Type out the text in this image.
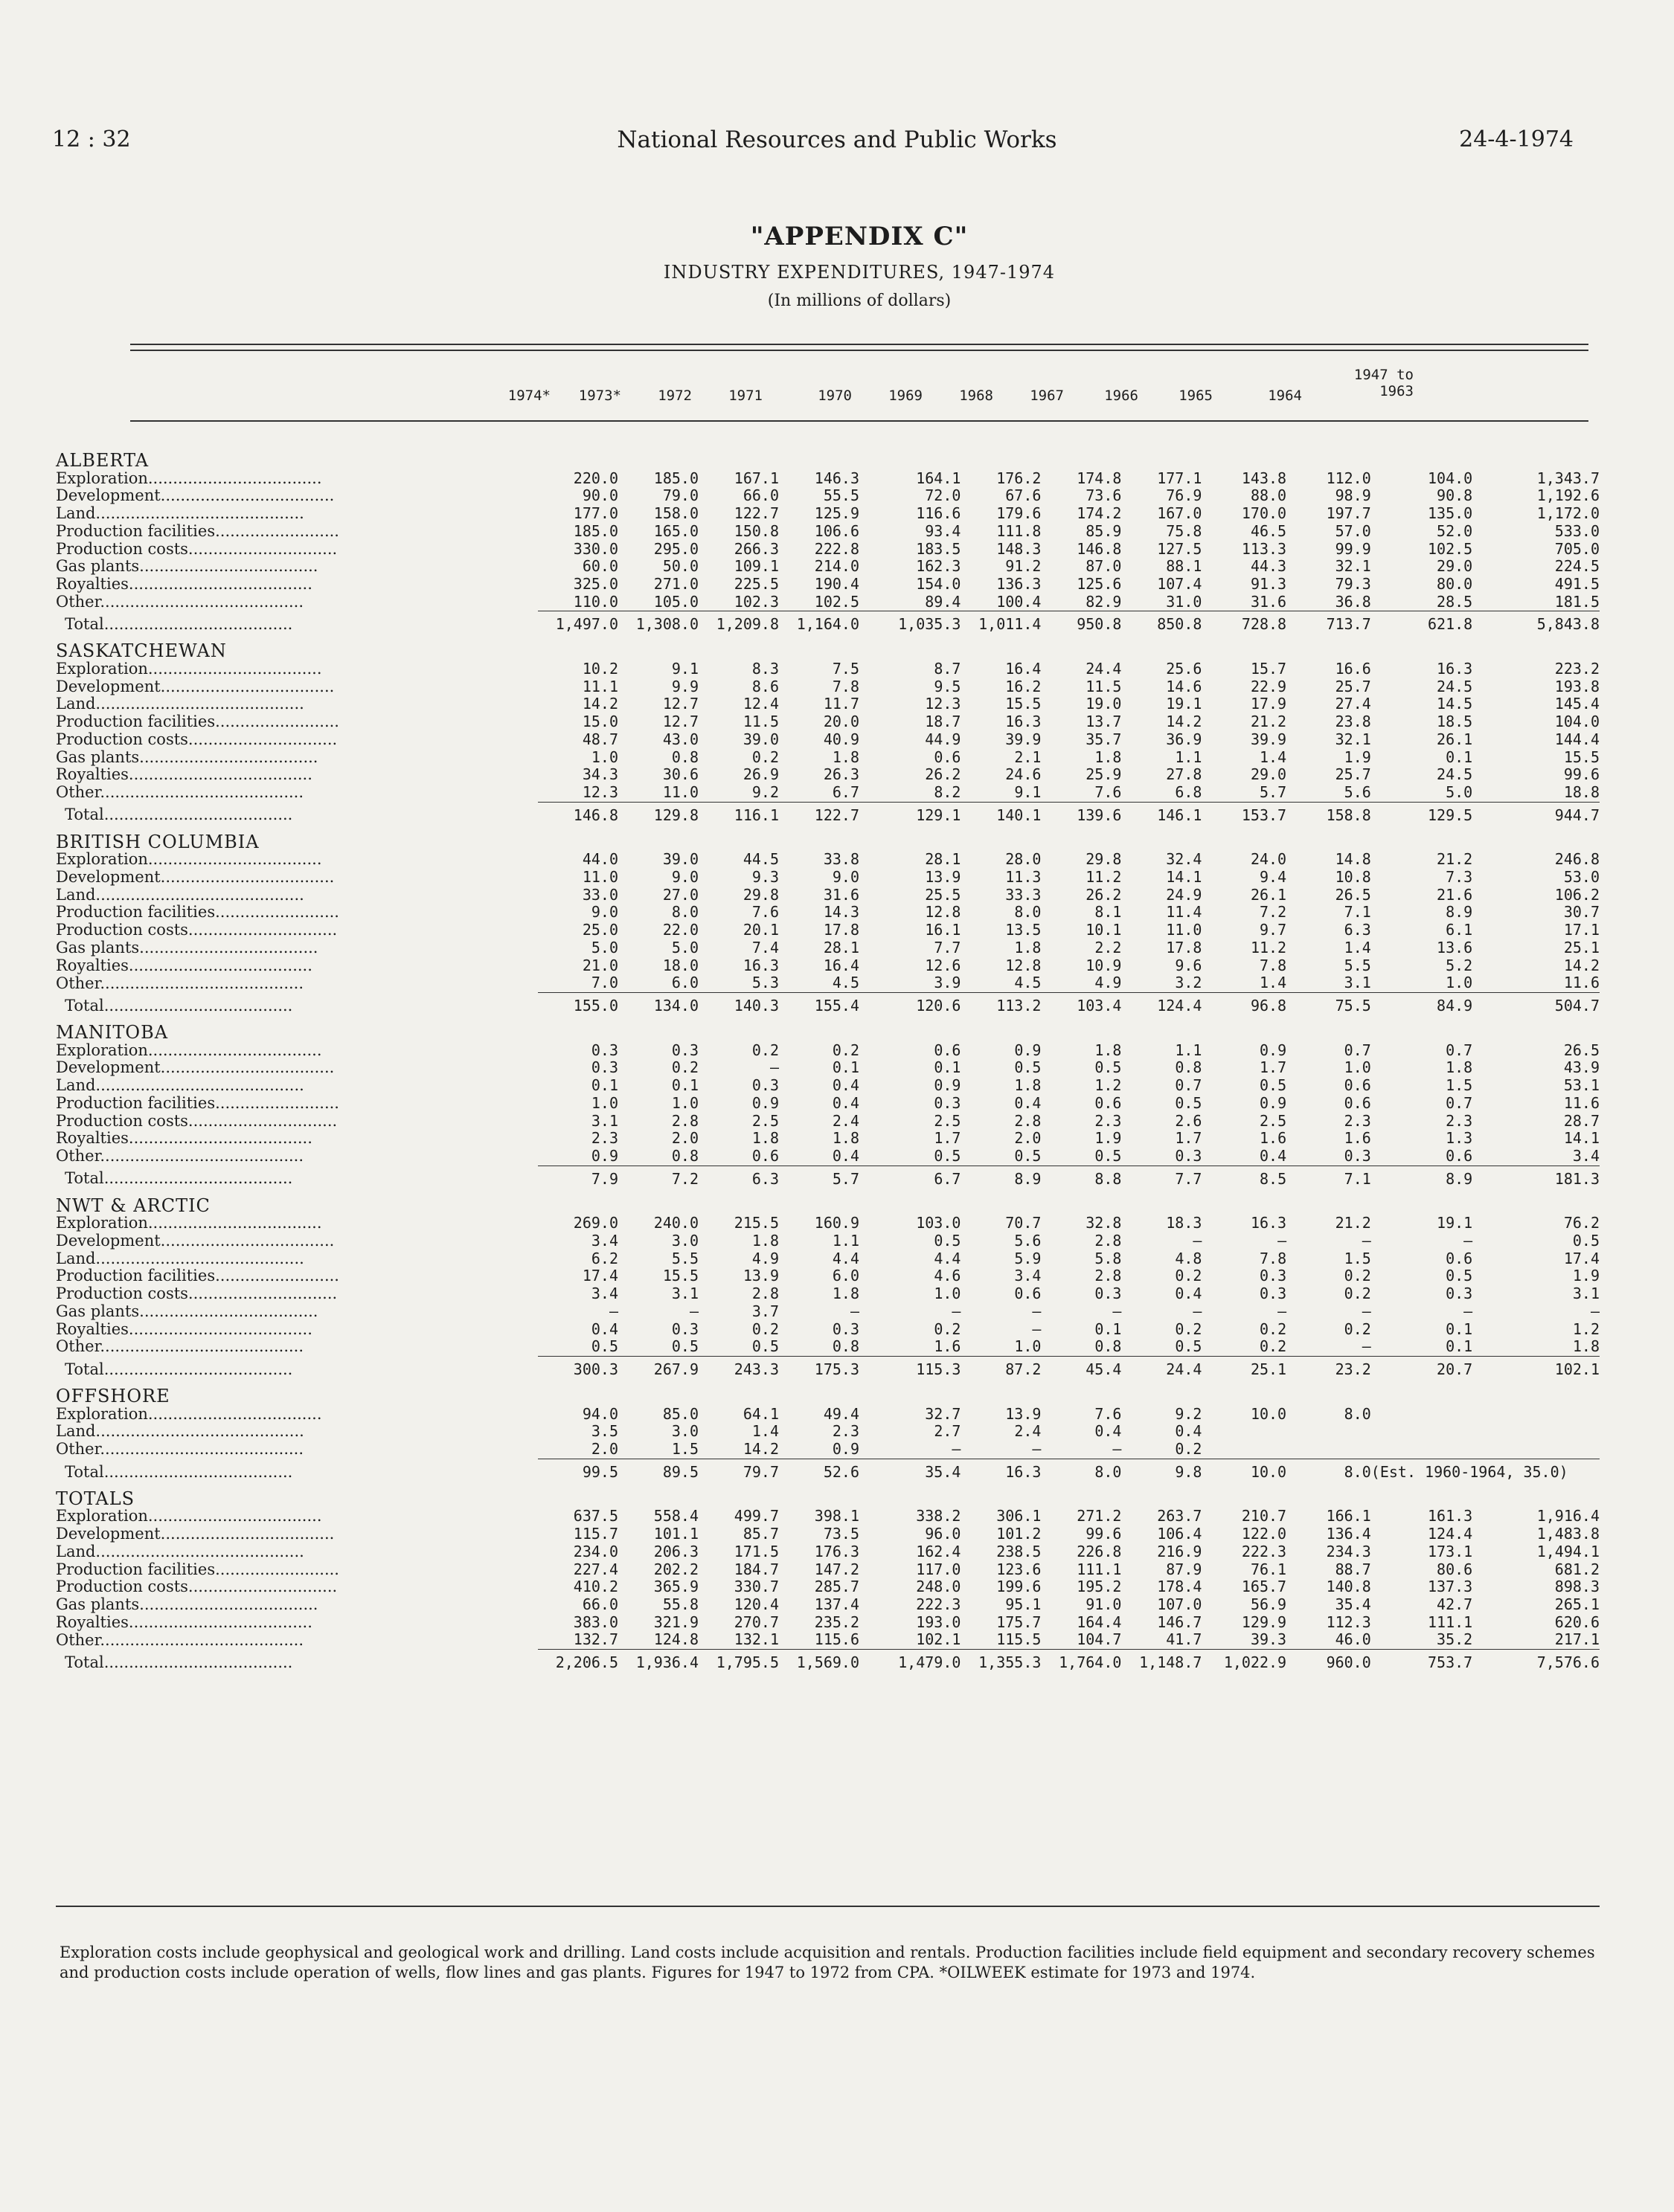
12 : 32	National Resources and Public Works	24-4-1974
"APPENDIX C"
INDUSTRY EXPENDITURES, 1947-1974
(In millions of dollars)
1974*	1973*	1972	1971	1970	1969	1968	1967	1966	1965	1964
1947 to 1963
ALBERTA												
Exploration...................................	220.0	185.0	167.1	146.3	164.1	176.2	174.8	177.1	143.8	112.0	104.0	1,343.7
Development...................................	90.0	79.0	66.0	55.5	72.0	67.6	73.6	76.9	88.0	98.9	90.8	1,192.6
Land..........................................	177.0	158.0	122.7	125.9	116.6	179.6	174.2	167.0	170.0	197.7	135.0	1,172.0
Production facilities.........................	185.0	165.0	150.8	106.6	93.4	111.8	85.9	75.8	46.5	57.0	52.0	533.0
Production costs..............................	330.0	295.0	266.3	222.8	183.5	148.3	146.8	127.5	113.3	99.9	102.5	705.0
Gas plants....................................	60.0	50.0	109.1	214.0	162.3	91.2	87.0	88.1	44.3	32.1	29.0	224.5
Royalties.....................................	325.0	271.0	225.5	190.4	154.0	136.3	125.6	107.4	91.3	79.3	80.0	491.5
Other.........................................	110.0	105.0	102.3	102.5	89.4	100.4	82.9	31.0	31.6	36.8	28.5	181.5
Total......................................	1,497.0	1,308.0	1,209.8	1,164.0	1,035.3	1,011.4	950.8	850.8	728.8	713.7	621.8	5,843.8
SASKATCHEWAN												
Exploration...................................	10.2	9.1	8.3	7.5	8.7	16.4	24.4	25.6	15.7	16.6	16.3	223.2
Development...................................	11.1	9.9	8.6	7.8	9.5	16.2	11.5	14.6	22.9	25.7	24.5	193.8
Land..........................................	14.2	12.7	12.4	11.7	12.3	15.5	19.0	19.1	17.9	27.4	14.5	145.4
Production facilities.........................	15.0	12.7	11.5	20.0	18.7	16.3	13.7	14.2	21.2	23.8	18.5	104.0
Production costs..............................	48.7	43.0	39.0	40.9	44.9	39.9	35.7	36.9	39.9	32.1	26.1	144.4
Gas plants....................................	1.0	0.8	0.2	1.8	0.6	2.1	1.8	1.1	1.4	1.9	0.1	15.5
Royalties.....................................	34.3	30.6	26.9	26.3	26.2	24.6	25.9	27.8	29.0	25.7	24.5	99.6
Other.........................................	12.3	11.0	9.2	6.7	8.2	9.1	7.6	6.8	5.7	5.6	5.0	18.8
Total......................................	146.8	129.8	116.1	122.7	129.1	140.1	139.6	146.1	153.7	158.8	129.5	944.7
BRITISH COLUMBIA												
Exploration...................................	44.0	39.0	44.5	33.8	28.1	28.0	29.8	32.4	24.0	14.8	21.2	246.8
Development...................................	11.0	9.0	9.3	9.0	13.9	11.3	11.2	14.1	9.4	10.8	7.3	53.0
Land..........................................	33.0	27.0	29.8	31.6	25.5	33.3	26.2	24.9	26.1	26.5	21.6	106.2
Production facilities.........................	9.0	8.0	7.6	14.3	12.8	8.0	8.1	11.4	7.2	7.1	8.9	30.7
Production costs..............................	25.0	22.0	20.1	17.8	16.1	13.5	10.1	11.0	9.7	6.3	6.1	17.1
Gas plants....................................	5.0	5.0	7.4	28.1	7.7	1.8	2.2	17.8	11.2	1.4	13.6	25.1
Royalties.....................................	21.0	18.0	16.3	16.4	12.6	12.8	10.9	9.6	7.8	5.5	5.2	14.2
Other.........................................	7.0	6.0	5.3	4.5	3.9	4.5	4.9	3.2	1.4	3.1	1.0	11.6
Total......................................	155.0	134.0	140.3	155.4	120.6	113.2	103.4	124.4	96.8	75.5	84.9	504.7
MANITOBA												
Exploration...................................	0.3	0.3	0.2	0.2	0.6	0.9	1.8	1.1	0.9	0.7	0.7	26.5
Development...................................	0.3	0.2	—	0.1	0.1	0.5	0.5	0.8	1.7	1.0	1.8	43.9
Land..........................................	0.1	0.1	0.3	0.4	0.9	1.8	1.2	0.7	0.5	0.6	1.5	53.1
Production facilities.........................	1.0	1.0	0.9	0.4	0.3	0.4	0.6	0.5	0.9	0.6	0.7	11.6
Production costs..............................	3.1	2.8	2.5	2.4	2.5	2.8	2.3	2.6	2.5	2.3	2.3	28.7
Royalties.....................................	2.3	2.0	1.8	1.8	1.7	2.0	1.9	1.7	1.6	1.6	1.3	14.1
Other.........................................	0.9	0.8	0.6	0.4	0.5	0.5	0.5	0.3	0.4	0.3	0.6	3.4
Total......................................	7.9	7.2	6.3	5.7	6.7	8.9	8.8	7.7	8.5	7.1	8.9	181.3
NWT & ARCTIC												
Exploration...................................	269.0	240.0	215.5	160.9	103.0	70.7	32.8	18.3	16.3	21.2	19.1	76.2
Development...................................	3.4	3.0	1.8	1.1	0.5	5.6	2.8	—	—	—	—	0.5
Land..........................................	6.2	5.5	4.9	4.4	4.4	5.9	5.8	4.8	7.8	1.5	0.6	17.4
Production facilities.........................	17.4	15.5	13.9	6.0	4.6	3.4	2.8	0.2	0.3	0.2	0.5	1.9
Production costs..............................	3.4	3.1	2.8	1.8	1.0	0.6	0.3	0.4	0.3	0.2	0.3	3.1
Gas plants....................................	—	—	3.7	—	—	—	—	—	—	—	—	—
Royalties.....................................	0.4	0.3	0.2	0.3	0.2	—	0.1	0.2	0.2	0.2	0.1	1.2
Other.........................................	0.5	0.5	0.5	0.8	1.6	1.0	0.8	0.5	0.2	—	0.1	1.8
Total......................................	300.3	267.9	243.3	175.3	115.3	87.2	45.4	24.4	25.1	23.2	20.7	102.1
OFFSHORE												
Exploration...................................	94.0	85.0	64.1	49.4	32.7	13.9	7.6	9.2	10.0	8.0		
Land..........................................	3.5	3.0	1.4	2.3	2.7	2.4	0.4	0.4				
Other.........................................	2.0	1.5	14.2	0.9	—	—	—	0.2				
Total......................................	99.5	89.5	79.7	52.6	35.4	16.3	8.0	9.8	10.0	8.0	(Est. 1960-1964, 35.0)	
TOTALS												
Exploration...................................	637.5	558.4	499.7	398.1	338.2	306.1	271.2	263.7	210.7	166.1	161.3	1,916.4
Development...................................	115.7	101.1	85.7	73.5	96.0	101.2	99.6	106.4	122.0	136.4	124.4	1,483.8
Land..........................................	234.0	206.3	171.5	176.3	162.4	238.5	226.8	216.9	222.3	234.3	173.1	1,494.1
Production facilities.........................	227.4	202.2	184.7	147.2	117.0	123.6	111.1	87.9	76.1	88.7	80.6	681.2
Production costs..............................	410.2	365.9	330.7	285.7	248.0	199.6	195.2	178.4	165.7	140.8	137.3	898.3
Gas plants....................................	66.0	55.8	120.4	137.4	222.3	95.1	91.0	107.0	56.9	35.4	42.7	265.1
Royalties.....................................	383.0	321.9	270.7	235.2	193.0	175.7	164.4	146.7	129.9	112.3	111.1	620.6
Other.........................................	132.7	124.8	132.1	115.6	102.1	115.5	104.7	41.7	39.3	46.0	35.2	217.1
Total......................................	2,206.5	1,936.4	1,795.5	1,569.0	1,479.0	1,355.3	1,764.0	1,148.7	1,022.9	960.0	753.7	7,576.6
Exploration costs include geophysical and geological work and drilling. Land costs include acquisition and rentals. Production facilities include field equipment and secondary recovery schemes and production costs include operation of wells, flow lines and gas plants. Figures for 1947 to 1972 from CPA. *OILWEEK estimate for 1973 and 1974.
